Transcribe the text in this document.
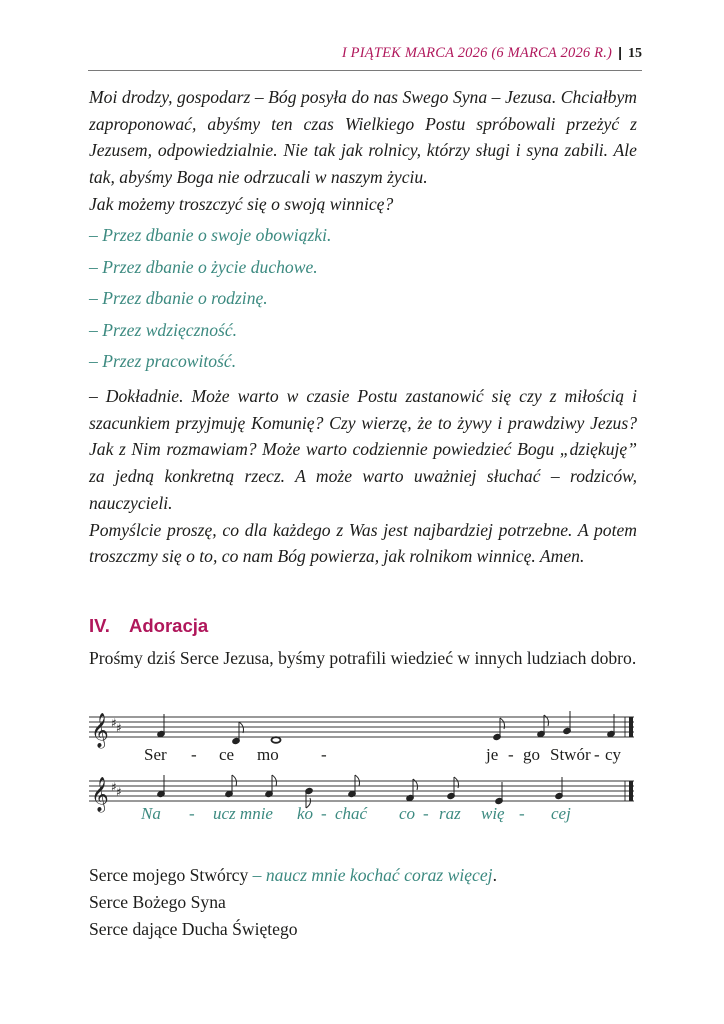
I PIĄTEK MARCA 2026 (6 MARCA 2026 R.) | 15

Moi drodzy, gospodarz – Bóg posyła do nas Swego Syna – Jezusa. Chciałbym zaproponować, abyśmy ten czas Wielkiego Postu spróbowali przeżyć z Jezusem, odpowiedzialnie. Nie tak jak rolnicy, którzy sługi i syna zabili. Ale tak, abyśmy Boga nie odrzucali w naszym życiu.

Jak możemy troszczyć się o swoją winnicę?

– Przez dbanie o swoje obowiązki.

– Przez dbanie o życie duchowe.

– Przez dbanie o rodzinę.

– Przez wdzięczność.

– Przez pracowitość.

– Dokładnie. Może warto w czasie Postu zastanowić się czy z miłością i szacunkiem przyjmuję Komunię? Czy wierzę, że to żywy i prawdziwy Jezus? Jak z Nim rozmawiam? Może warto codziennie powiedzieć Bogu „dziękuję” za jedną konkretną rzecz. A może warto uważniej słuchać – rodziców, nauczycieli.

Pomyślcie proszę, co dla każdego z Was jest najbardziej potrzebne. A potem troszczmy się o to, co nam Bóg powierza, jak rolnikom winnicę. Amen.

IV. Adoracja

Prośmy dziś Serce Jezusa, byśmy potrafili wiedzieć w innych ludziach dobro.

𝄞 ♯ ♯
Ser - ce mo -	je - go Stwór - cy
𝄞 ♯ ♯
Na - ucz mnie ko - chać co - raz wię - cej
Serce mojego Stwórcy – naucz mnie kochać coraz więcej.
Serce Bożego Syna
Serce dające Ducha Świętego
